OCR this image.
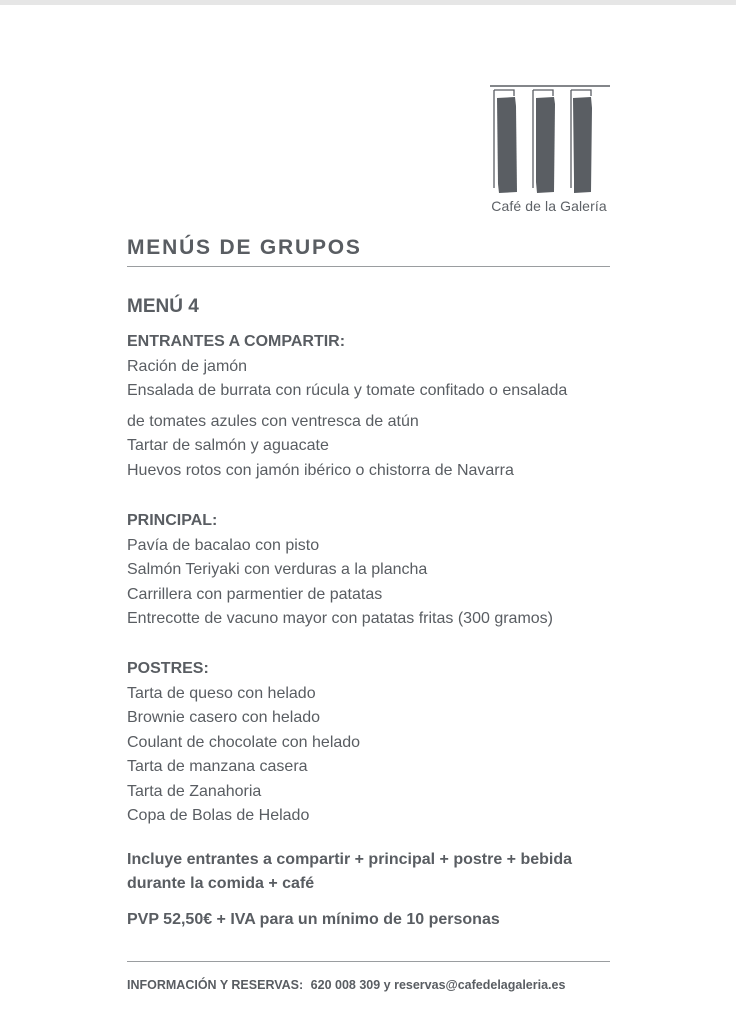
Café de la Galería
MENÚS DE GRUPOS
MENÚ 4
ENTRANTES A COMPARTIR:
Ración de jamón
Ensalada de burrata con rúcula y tomate confitado o ensalada
de tomates azules con ventresca de atún
Tartar de salmón y aguacate
Huevos rotos con jamón ibérico o chistorra de Navarra
PRINCIPAL:
Pavía de bacalao con pisto
Salmón Teriyaki con verduras a la plancha
Carrillera con parmentier de patatas
Entrecotte de vacuno mayor con patatas fritas (300 gramos)
POSTRES:
Tarta de queso con helado
Brownie casero con helado
Coulant de chocolate con helado
Tarta de manzana casera
Tarta de Zanahoria
Copa de Bolas de Helado
Incluye entrantes a compartir + principal + postre + bebida
durante la comida + café
PVP 52,50€ + IVA para un mínimo de 10 personas
INFORMACIÓN Y RESERVAS: 620 008 309 y reservas@cafedelagaleria.es
